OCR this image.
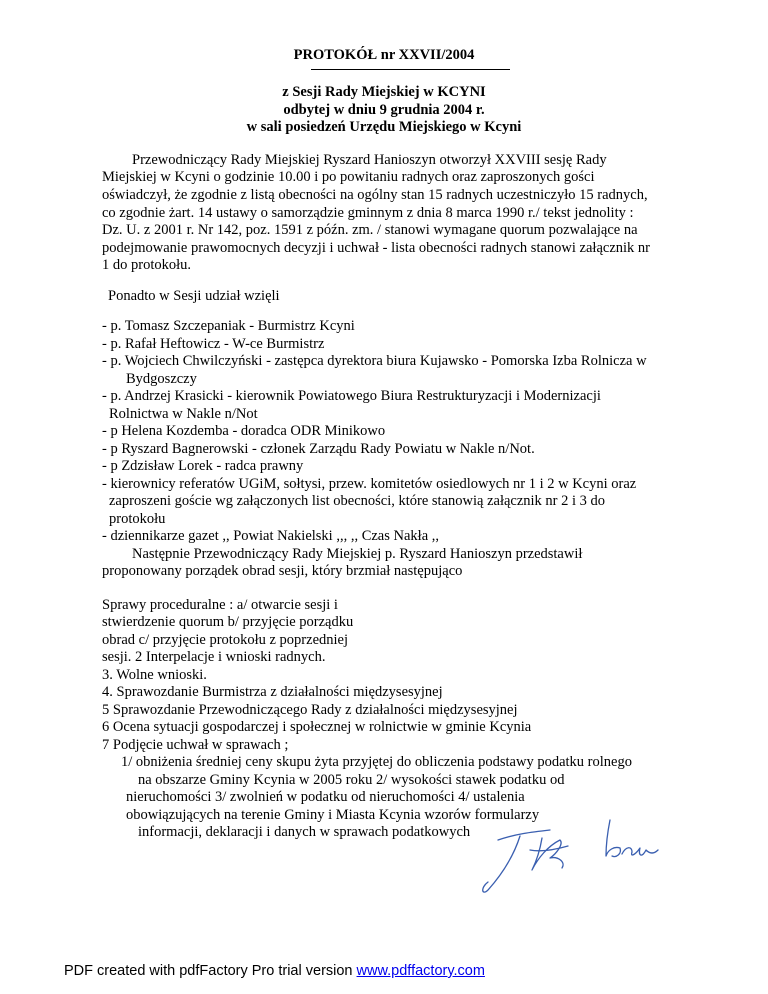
PROTOKÓŁ nr XXVII/2004
z Sesji Rady Miejskiej w KCYNI
odbytej w dniu 9 grudnia 2004 r.
w sali posiedzeń Urzędu Miejskiego w Kcyni
Przewodniczący Rady Miejskiej Ryszard Hanioszyn otworzył XXVIII sesję Rady
Miejskiej w Kcyni o godzinie 10.00 i po powitaniu radnych oraz zaproszonych gości
oświadczył, że zgodnie z listą obecności na ogólny stan 15 radnych uczestniczyło 15 radnych,
co zgodnie żart. 14 ustawy o samorządzie gminnym z dnia 8 marca 1990 r./ tekst jednolity :
Dz. U. z 2001 r. Nr 142, poz. 1591 z późn. zm. / stanowi wymagane quorum pozwalające na
podejmowanie prawomocnych decyzji i uchwał - lista obecności radnych stanowi załącznik nr
1 do protokołu.
Ponadto w Sesji udział wzięli
- p. Tomasz Szczepaniak - Burmistrz Kcyni
- p. Rafał Heftowicz - W-ce Burmistrz
- p. Wojciech Chwilczyński - zastępca dyrektora biura Kujawsko - Pomorska Izba Rolnicza w
Bydgoszczy
- p. Andrzej Krasicki - kierownik Powiatowego Biura Restrukturyzacji i Modernizacji
Rolnictwa w Nakle n/Not
- p Helena Kozdemba - doradca ODR Minikowo
- p Ryszard Bagnerowski - członek Zarządu Rady Powiatu w Nakle n/Not.
- p Zdzisław Lorek - radca prawny
- kierownicy referatów UGiM, sołtysi, przew. komitetów osiedlowych nr 1 i 2 w Kcyni oraz
zaproszeni goście wg załączonych list obecności, które stanowią załącznik nr 2 i 3 do
protokołu
- dziennikarze gazet ,, Powiat Nakielski ,,, ,, Czas Nakła ,,
Następnie Przewodniczący Rady Miejskiej p. Ryszard Hanioszyn przedstawił
proponowany porządek obrad sesji, który brzmiał następująco
Sprawy proceduralne : a/ otwarcie sesji i
stwierdzenie quorum b/ przyjęcie porządku
obrad c/ przyjęcie protokołu z poprzedniej
sesji. 2 Interpelacje i wnioski radnych.
3. Wolne wnioski.
4. Sprawozdanie Burmistrza z działalności międzysesyjnej
5 Sprawozdanie Przewodniczącego Rady z działalności międzysesyjnej
6 Ocena sytuacji gospodarczej i społecznej w rolnictwie w gminie Kcynia
7 Podjęcie uchwał w sprawach ;
1/ obniżenia średniej ceny skupu żyta przyjętej do obliczenia podstawy podatku rolnego
na obszarze Gminy Kcynia w 2005 roku 2/ wysokości stawek podatku od
nieruchomości 3/ zwolnień w podatku od nieruchomości 4/ ustalenia
obowiązujących na terenie Gminy i Miasta Kcynia wzorów formularzy
informacji, deklaracji i danych w sprawach podatkowych
PDF created with pdfFactory Pro trial version www.pdffactory.com
